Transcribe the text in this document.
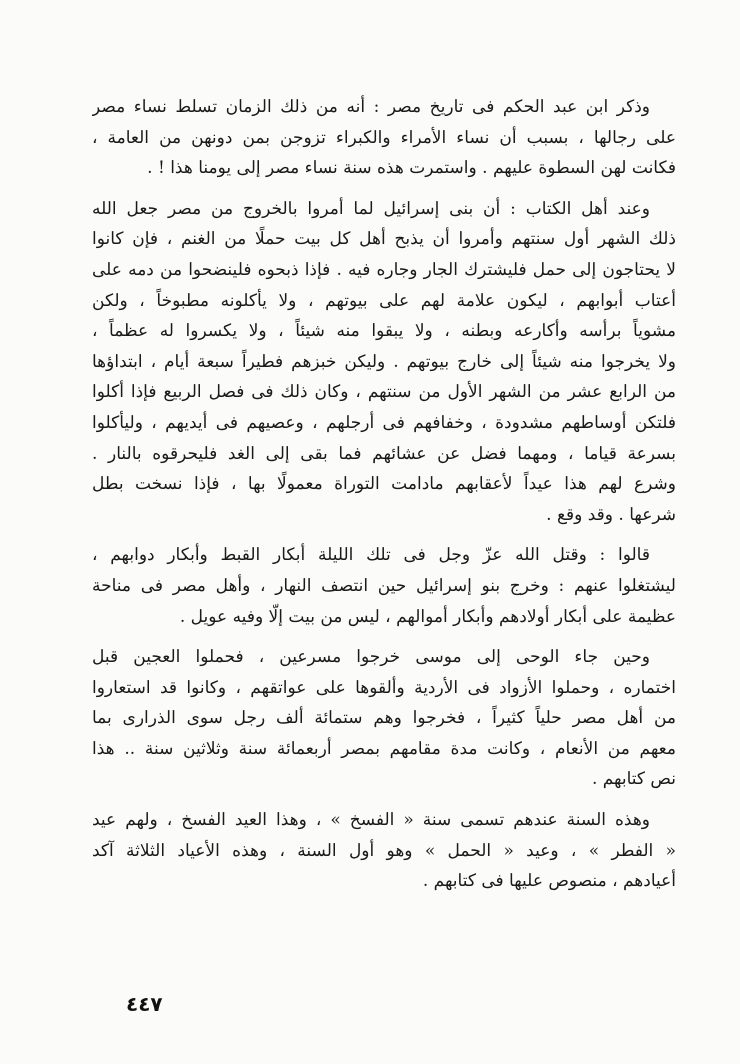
وذكر ابن عبد الحكم فى تاريخ مصر : أنه من ذلك الزمان تسلط نساء مصر
على رجالها ، بسبب أن نساء الأمراء والكبراء تزوجن بمن دونهن من العامة ،
فكانت لهن السطوة عليهم . واستمرت هذه سنة نساء مصر إلى يومنا هذا ! .
وعند أهل الكتاب : أن بنى إسرائيل لما أمروا بالخروج من مصر جعل الله
ذلك الشهر أول سنتهم وأمروا أن يذبح أهل كل بيت حملًا من الغنم ، فإن كانوا
لا يحتاجون إلى حمل فليشترك الجار وجاره فيه . فإذا ذبحوه فلينضحوا من دمه على
أعتاب أبوابهم ، ليكون علامة لهم على بيوتهم ، ولا يأكلونه مطبوخاً ، ولكن
مشوياً برأسه وأكارعه وبطنه ، ولا يبقوا منه شيئاً ، ولا يكسروا له عظماً ،
ولا يخرجوا منه شيئاً إلى خارج بيوتهم . وليكن خبزهم فطيراً سبعة أيام ، ابتداؤها
من الرابع عشر من الشهر الأول من سنتهم ، وكان ذلك فى فصل الربيع فإذا أكلوا
فلتكن أوساطهم مشدودة ، وخفافهم فى أرجلهم ، وعصيهم فى أيديهم ، وليأكلوا
بسرعة قياما ، ومهما فضل عن عشائهم فما بقى إلى الغد فليحرقوه بالنار .
وشرع لهم هذا عيداً لأعقابهم مادامت التوراة معمولًا بها ، فإذا نسخت بطل
شرعها . وقد وقع .
قالوا : وقتل الله عزّ وجل فى تلك الليلة أبكار القبط وأبكار دوابهم ،
ليشتغلوا عنهم : وخرج بنو إسرائيل حين انتصف النهار ، وأهل مصر فى مناحة
عظيمة على أبكار أولادهم وأبكار أموالهم ، ليس من بيت إلّا وفيه عويل .
وحين جاء الوحى إلى موسى خرجوا مسرعين ، فحملوا العجين قبل
اختماره ، وحملوا الأزواد فى الأردية وألقوها على عواتقهم ، وكانوا قد استعاروا
من أهل مصر حلياً كثيراً ، فخرجوا وهم ستمائة ألف رجل سوى الذرارى بما
معهم من الأنعام ، وكانت مدة مقامهم بمصر أربعمائة سنة وثلاثين سنة .. هذا
نص كتابهم .
وهذه السنة عندهم تسمى سنة « الفسخ » ، وهذا العيد الفسخ ، ولهم عيد
« الفطر » ، وعيد « الحمل » وهو أول السنة ، وهذه الأعياد الثلاثة آكد
أعيادهم ، منصوص عليها فى كتابهم .
٤٤٧
